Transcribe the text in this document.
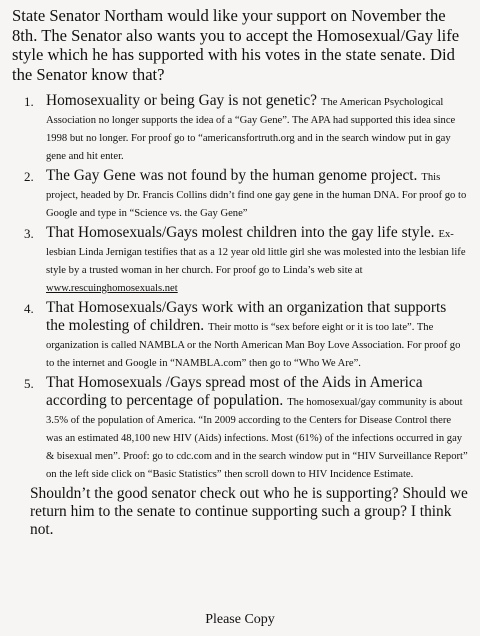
State Senator Northam would like your support on November the 8th. The Senator also wants you to accept the Homosexual/Gay life style which he has supported with his votes in the state senate. Did the Senator know that?

1. Homosexuality or being Gay is not genetic? The American Psychological Association no longer supports the idea of a “Gay Gene”. The APA had supported this idea since 1998 but no longer. For proof go to “americansfortruth.org and in the search window put in gay gene and hit enter.
2. The Gay Gene was not found by the human genome project. This project, headed by Dr. Francis Collins didn’t find one gay gene in the human DNA. For proof go to Google and type in “Science vs. the Gay Gene”
3. That Homosexuals/Gays molest children into the gay life style. Ex-lesbian Linda Jernigan testifies that as a 12 year old little girl she was molested into the lesbian life style by a trusted woman in her church. For proof go to Linda’s web site at www.rescuinghomosexuals.net
4. That Homosexuals/Gays work with an organization that supports the molesting of children. Their motto is “sex before eight or it is too late”. The organization is called NAMBLA or the North American Man Boy Love Association. For proof go to the internet and Google in “NAMBLA.com” then go to “Who We Are”.
5. That Homosexuals /Gays spread most of the Aids in America according to percentage of population. The homosexual/gay community is about 3.5% of the population of America. “In 2009 according to the Centers for Disease Control there was an estimated 48,100 new HIV (Aids) infections. Most (61%) of the infections occurred in gay & bisexual men”. Proof: go to cdc.com and in the search window put in “HIV Surveillance Report” on the left side click on “Basic Statistics” then scroll down to HIV Incidence Estimate.

Shouldn’t the good senator check out who he is supporting? Should we return him to the senate to continue supporting such a group? I think not.

Please Copy
